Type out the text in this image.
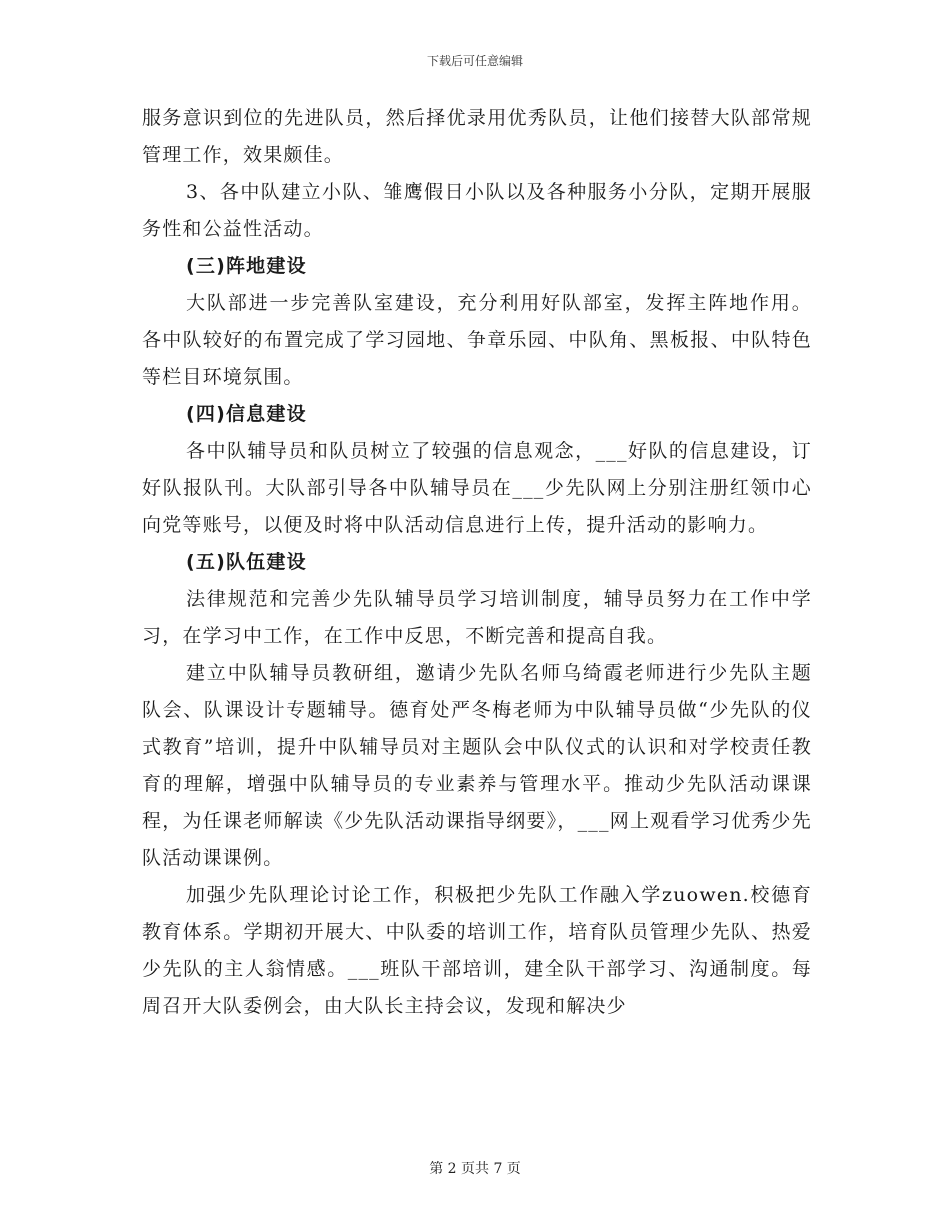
下载后可任意编辑

服务意识到位的先进队员，然后择优录用优秀队员，让他们接替大队部常规管理工作，效果颇佳。

3、各中队建立小队、雏鹰假日小队以及各种服务小分队，定期开展服务性和公益性活动。

(三)阵地建设

大队部进一步完善队室建设，充分利用好队部室，发挥主阵地作用。各中队较好的布置完成了学习园地、争章乐园、中队角、黑板报、中队特色等栏目环境氛围。

(四)信息建设

各中队辅导员和队员树立了较强的信息观念，___好队的信息建设，订好队报队刊。大队部引导各中队辅导员在___少先队网上分别注册红领巾心向党等账号，以便及时将中队活动信息进行上传，提升活动的影响力。

(五)队伍建设

法律规范和完善少先队辅导员学习培训制度，辅导员努力在工作中学习，在学习中工作，在工作中反思，不断完善和提高自我。

建立中队辅导员教研组，邀请少先队名师乌绮霞老师进行少先队主题队会、队课设计专题辅导。德育处严冬梅老师为中队辅导员做“少先队的仪式教育”培训，提升中队辅导员对主题队会中队仪式的认识和对学校责任教育的理解，增强中队辅导员的专业素养与管理水平。推动少先队活动课课程，为任课老师解读《少先队活动课指导纲要》，___网上观看学习优秀少先队活动课课例。

加强少先队理论讨论工作，积极把少先队工作融入学zuowen.校德育教育体系。学期初开展大、中队委的培训工作，培育队员管理少先队、热爱少先队的主人翁情感。___班队干部培训，建全队干部学习、沟通制度。每周召开大队委例会，由大队长主持会议，发现和解决少

第 2 页共 7 页
